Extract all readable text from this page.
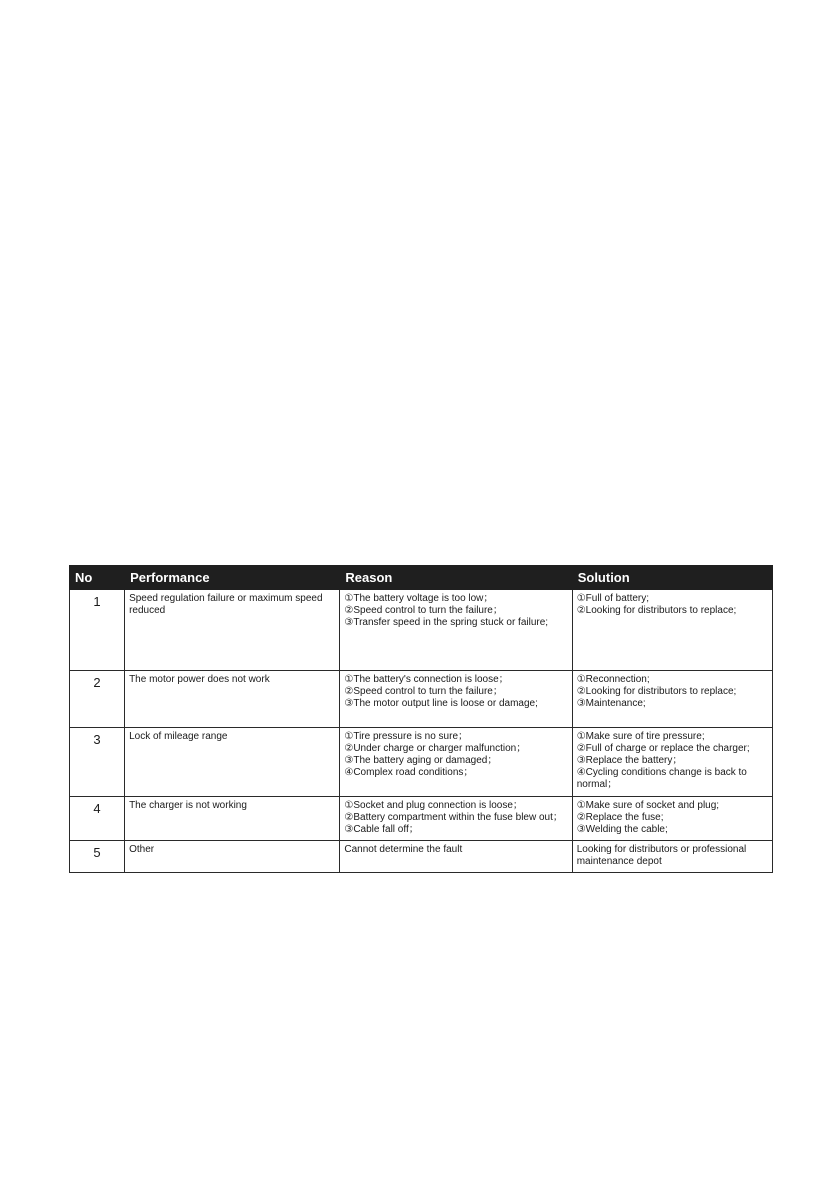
No	Performance	Reason	Solution
1	Speed regulation failure or maximum speed reduced	①The battery voltage is too low；
②Speed control to turn the failure；
③Transfer speed in the spring stuck or failure;	①Full of battery;
②Looking for distributors to replace;

2	The motor power does not work	①The battery's connection is loose；
②Speed control to turn the failure；
③The motor output line is loose or damage;	①Reconnection;
②Looking for distributors to replace;
③Maintenance;

3	Lock of mileage range	①Tire pressure is no sure；
②Under charge or charger malfunction；
③The battery aging or damaged；
④Complex road conditions；	①Make sure of tire pressure;
②Full of charge or replace the charger;
③Replace the battery；
④Cycling conditions change is back to normal；
4	The charger is not working	①Socket and plug connection is loose；
②Battery compartment within the fuse blew out；
③Cable fall off；	①Make sure of socket and plug;
②Replace the fuse;
③Welding the cable;

5	Other	Cannot determine the fault	Looking for distributors or professional maintenance depot
